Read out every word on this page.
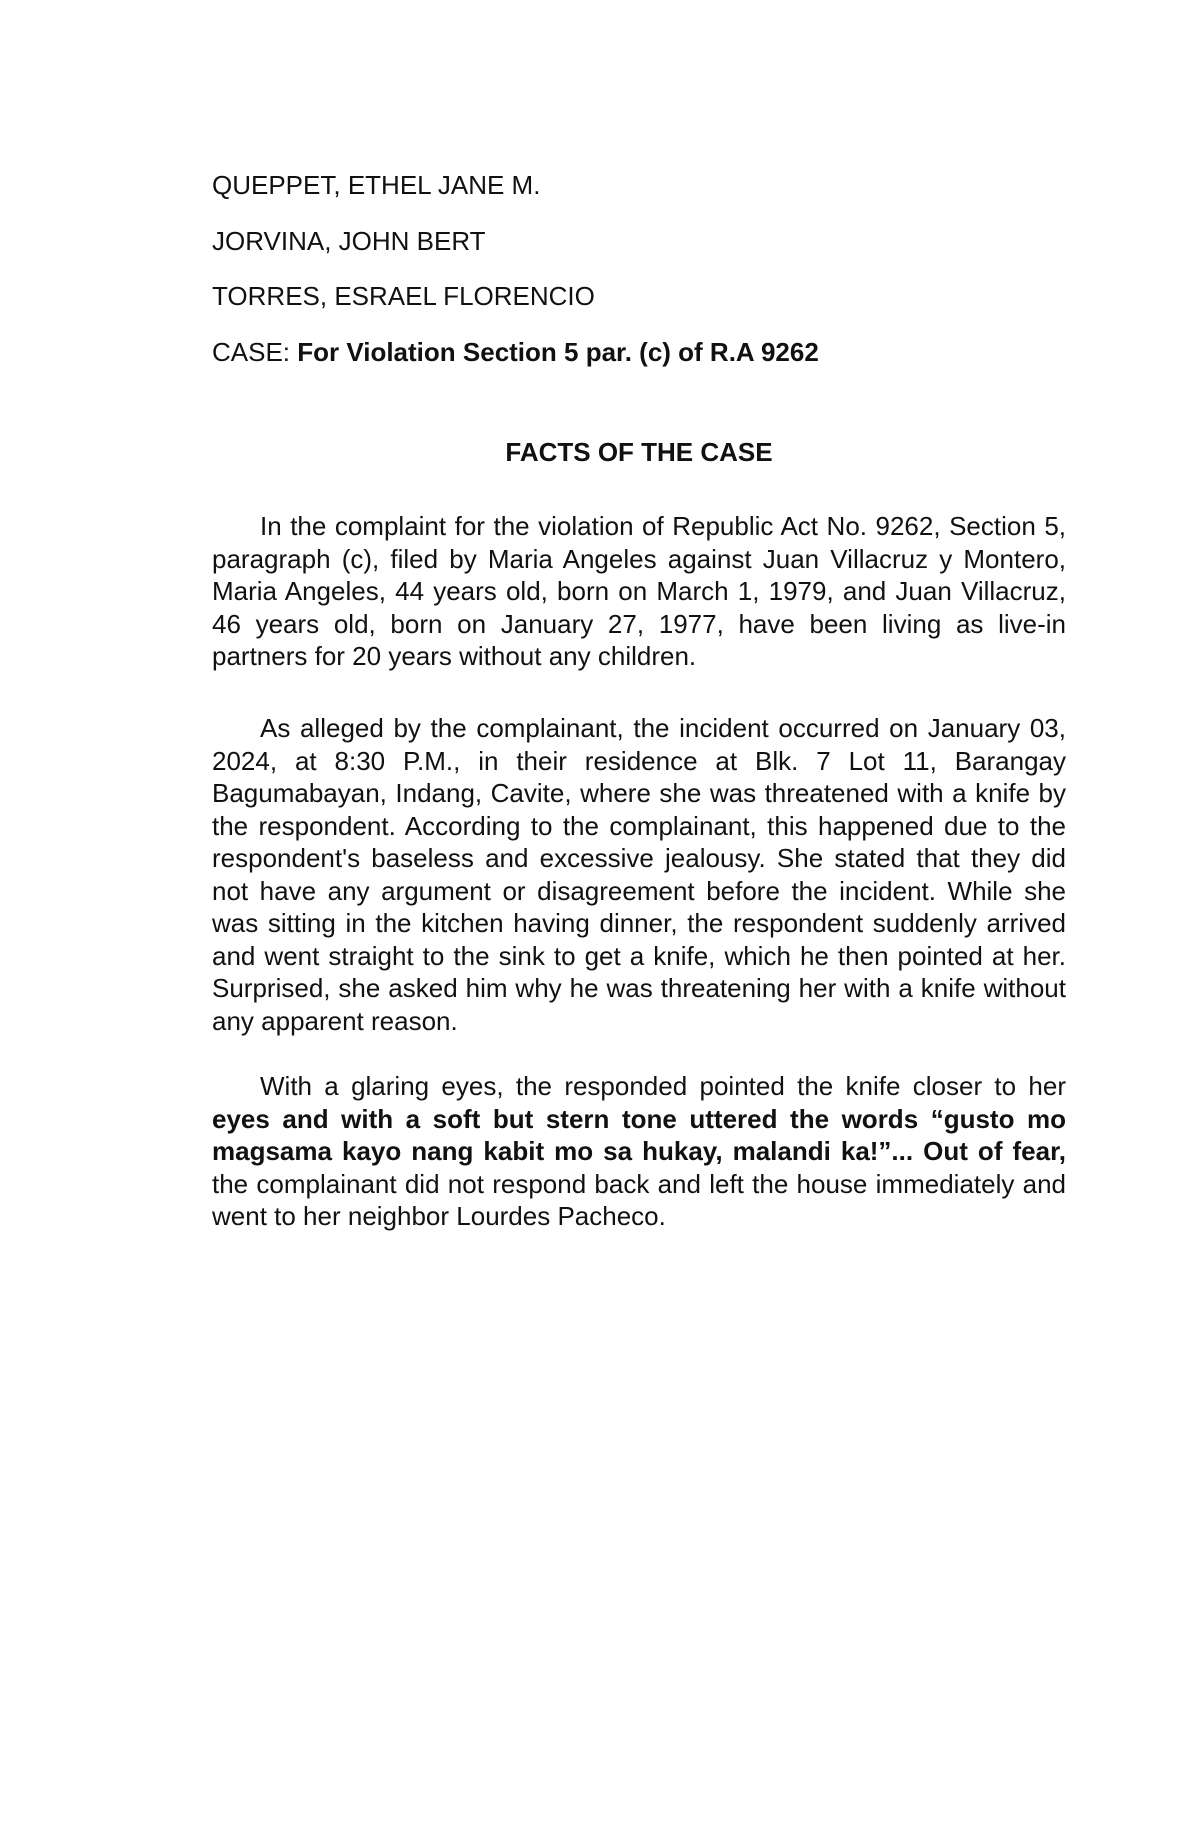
QUEPPET, ETHEL JANE M.
JORVINA, JOHN BERT
TORRES, ESRAEL FLORENCIO
CASE: For Violation Section 5 par. (c) of R.A 9262
FACTS OF THE CASE
In the complaint for the violation of Republic Act No. 9262, Section 5, paragraph (c), filed by Maria Angeles against Juan Villacruz y Montero, Maria Angeles, 44 years old, born on March 1, 1979, and Juan Villacruz, 46 years old, born on January 27, 1977, have been living as live-in partners for 20 years without any children.
As alleged by the complainant, the incident occurred on January 03, 2024, at 8:30 P.M., in their residence at Blk. 7 Lot 11, Barangay Bagumabayan, Indang, Cavite, where she was threatened with a knife by the respondent. According to the complainant, this happened due to the respondent's baseless and excessive jealousy. She stated that they did not have any argument or disagreement before the incident. While she was sitting in the kitchen having dinner, the respondent suddenly arrived and went straight to the sink to get a knife, which he then pointed at her. Surprised, she asked him why he was threatening her with a knife without any apparent reason.
With a glaring eyes, the responded pointed the knife closer to her eyes and with a soft but stern tone uttered the words “gusto mo magsama kayo nang kabit mo sa hukay, malandi ka!”... Out of fear, the complainant did not respond back and left the house immediately and went to her neighbor Lourdes Pacheco.
